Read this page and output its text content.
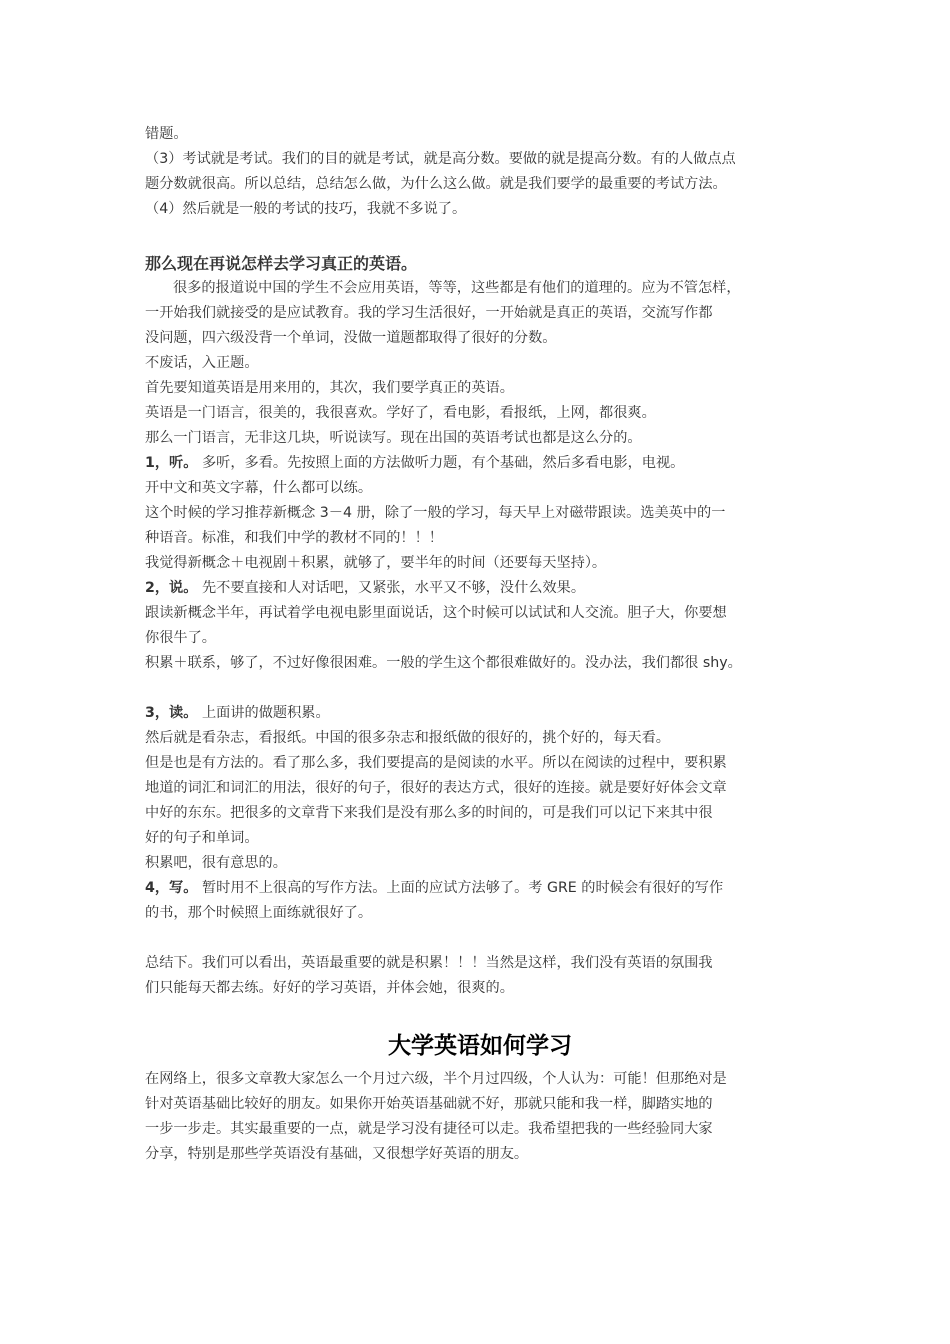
错题。
（3）考试就是考试。我们的目的就是考试，就是高分数。要做的就是提高分数。有的人做点点
题分数就很高。所以总结，总结怎么做，为什么这么做。就是我们要学的最重要的考试方法。
（4）然后就是一般的考试的技巧，我就不多说了。
那么现在再说怎样去学习真正的英语。
很多的报道说中国的学生不会应用英语，等等，这些都是有他们的道理的。应为不管怎样，
一开始我们就接受的是应试教育。我的学习生活很好，一开始就是真正的英语，交流写作都
没问题，四六级没背一个单词，没做一道题都取得了很好的分数。
不废话，入正题。
首先要知道英语是用来用的，其次，我们要学真正的英语。
英语是一门语言，很美的，我很喜欢。学好了，看电影，看报纸，上网，都很爽。
那么一门语言，无非这几块，听说读写。现在出国的英语考试也都是这么分的。
1，听。 多听，多看。先按照上面的方法做听力题，有个基础，然后多看电影，电视。
开中文和英文字幕，什么都可以练。
这个时候的学习推荐新概念 3－4 册，除了一般的学习，每天早上对磁带跟读。选美英中的一
种语音。标准，和我们中学的教材不同的！！！
我觉得新概念＋电视剧＋积累，就够了，要半年的时间（还要每天坚持）。
2，说。 先不要直接和人对话吧，又紧张，水平又不够，没什么效果。
跟读新概念半年，再试着学电视电影里面说话，这个时候可以试试和人交流。胆子大，你要想
你很牛了。
积累＋联系，够了，不过好像很困难。一般的学生这个都很难做好的。没办法，我们都很 shy。
3，读。 上面讲的做题积累。
然后就是看杂志，看报纸。中国的很多杂志和报纸做的很好的，挑个好的，每天看。
但是也是有方法的。看了那么多，我们要提高的是阅读的水平。所以在阅读的过程中，要积累
地道的词汇和词汇的用法，很好的句子，很好的表达方式，很好的连接。就是要好好体会文章
中好的东东。把很多的文章背下来我们是没有那么多的时间的，可是我们可以记下来其中很
好的句子和单词。
积累吧，很有意思的。
4，写。 暂时用不上很高的写作方法。上面的应试方法够了。考 GRE 的时候会有很好的写作
的书，那个时候照上面练就很好了。
总结下。我们可以看出，英语最重要的就是积累！！！当然是这样，我们没有英语的氛围我
们只能每天都去练。好好的学习英语，并体会她，很爽的。
大学英语如何学习
在网络上，很多文章教大家怎么一个月过六级，半个月过四级，个人认为：可能！但那绝对是
针对英语基础比较好的朋友。如果你开始英语基础就不好，那就只能和我一样，脚踏实地的
一步一步走。其实最重要的一点，就是学习没有捷径可以走。我希望把我的一些经验同大家
分享，特别是那些学英语没有基础，又很想学好英语的朋友。
